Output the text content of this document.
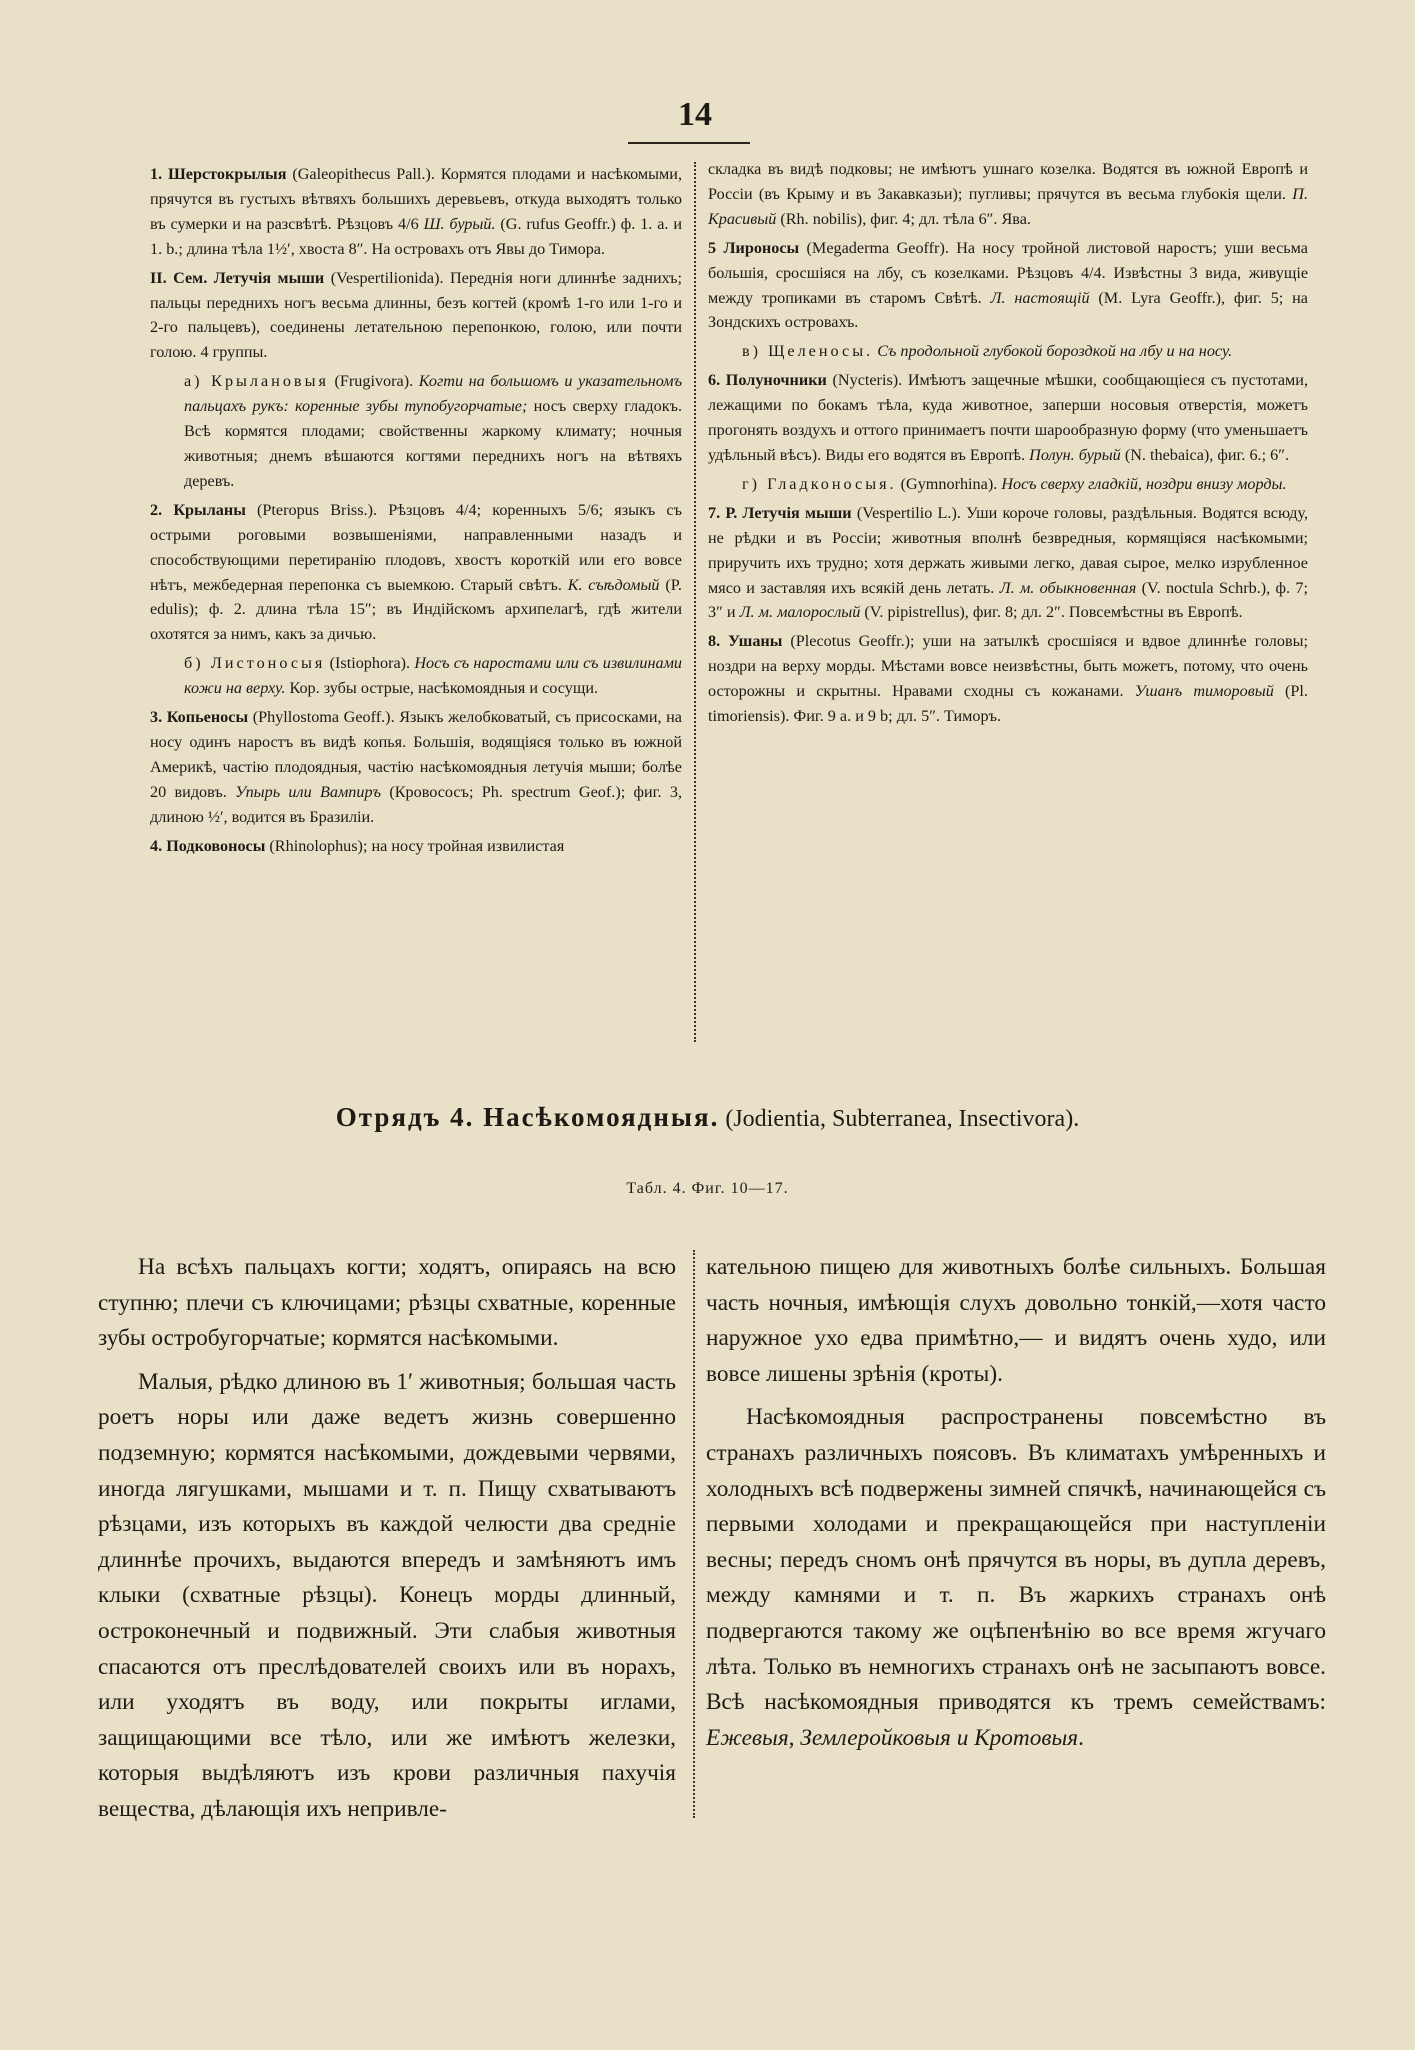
14

1. Шерстокрылыя (Galeopithecus Pall.). Кормятся плодами и насѣкомыми, прячутся въ густыхъ вѣтвяхъ большихъ деревьевъ, откуда выходятъ только въ сумерки и на разсвѣтѣ. Рѣзцовъ 4/6 Ш. бурый. (G. rufus Geoffr.) ф. 1. a. и 1. b.; длина тѣла 1½′, хвоста 8″. На островахъ отъ Явы до Тимора.

II. Сем. Летучія мыши (Vespertilionida). Переднія ноги длиннѣе заднихъ; пальцы переднихъ ногъ весьма длинны, безъ когтей (кромѣ 1-го или 1-го и 2-го пальцевъ), соединены летательною перепонкою, голою, или почти голою. 4 группы.

а) Крылановыя (Frugivora). Когти на большомъ и указательномъ пальцахъ рукъ: коренные зубы тупобугорчатые; носъ сверху гладокъ. Всѣ кормятся плодами; свойственны жаркому климату; ночныя животныя; днемъ вѣшаются когтями переднихъ ногъ на вѣтвяхъ деревъ.

2. Крыланы (Pteropus Briss.). Рѣзцовъ 4/4; коренныхъ 5/6; языкъ съ острыми роговыми возвышеніями, направленными назадъ и способствующими перетиранію плодовъ, хвостъ короткій или его вовсе нѣтъ, межбедерная перепонка съ выемкою. Старый свѣтъ. К. съѣдомый (P. edulis); ф. 2. длина тѣла 15″; въ Индійскомъ архипелагѣ, гдѣ жители охотятся за нимъ, какъ за дичью.

б) Листоносыя (Istiophora). Носъ съ наростами или съ извилинами кожи на верху. Кор. зубы острые, насѣкомоядныя и сосущи.

3. Копьеносы (Phyllostoma Geoff.). Языкъ желобковатый, съ присосками, на носу одинъ наростъ въ видѣ копья. Большія, водящіяся только въ южной Америкѣ, частію плодоядныя, частію насѣкомоядныя летучія мыши; болѣе 20 видовъ. Упырь или Вампиръ (Кровососъ; Ph. spectrum Geof.); фиг. 3, длиною ½′, водится въ Бразиліи.

4. Подковоносы (Rhinolophus); на носу тройная извилистая

складка въ видѣ подковы; не имѣютъ ушнаго козелка. Водятся въ южной Европѣ и Россіи (въ Крыму и въ Закавказьи); пугливы; прячутся въ весьма глубокія щели. П. Красивый (Rh. nobilis), фиг. 4; дл. тѣла 6″. Ява.

5 Лироносы (Megaderma Geoffr). На носу тройной листовой наростъ; уши весьма большія, сросшіяся на лбу, съ козелками. Рѣзцовъ 4/4. Извѣстны 3 вида, живущіе между тропиками въ старомъ Свѣтѣ. Л. настоящій (M. Lyra Geoffr.), фиг. 5; на Зондскихъ островахъ.

в) Щеленосы. Съ продольной глубокой бороздкой на лбу и на носу.

6. Полуночники (Nycteris). Имѣютъ защечные мѣшки, сообщающіеся съ пустотами, лежащими по бокамъ тѣла, куда животное, заперши носовыя отверстія, можетъ прогонять воздухъ и оттого принимаетъ почти шарообразную форму (что уменьшаетъ удѣльный вѣсъ). Виды его водятся въ Европѣ. Полун. бурый (N. thebaica), фиг. 6.; 6″.

г) Гладконосыя. (Gymnorhina). Носъ сверху гладкій, ноздри внизу морды.

7. Р. Летучія мыши (Vespertilio L.). Уши короче головы, раздѣльныя. Водятся всюду, не рѣдки и въ Россіи; животныя вполнѣ безвредныя, кормящіяся насѣкомыми; приручить ихъ трудно; хотя держать живыми легко, давая сырое, мелко изрубленное мясо и заставляя ихъ всякій день летать. Л. м. обыкновенная (V. noctula Schrb.), ф. 7; 3″ и Л. м. малорослый (V. pipistrellus), фиг. 8; дл. 2″. Повсемѣстны въ Европѣ.

8. Ушаны (Plecotus Geoffr.); уши на затылкѣ сросшіяся и вдвое длиннѣе головы; ноздри на верху морды. Мѣстами вовсе неизвѣстны, быть можетъ, потому, что очень осторожны и скрытны. Нравами сходны съ кожанами. Ушанъ тиморовый (Pl. timoriensis). Фиг. 9 a. и 9 b; дл. 5″. Тиморъ.

Отрядъ 4. Насѣкомоядныя. (Jodientia, Subterranea, Insectivora).
Табл. 4. Фиг. 10—17.

На всѣхъ пальцахъ когти; ходятъ, опираясь на всю ступню; плечи съ ключицами; рѣзцы схватные, коренные зубы остробугорчатые; кормятся насѣкомыми.

Малыя, рѣдко длиною въ 1′ животныя; большая часть роетъ норы или даже ведетъ жизнь совершенно подземную; кормятся насѣкомыми, дождевыми червями, иногда лягушками, мышами и т. п. Пищу схватываютъ рѣзцами, изъ которыхъ въ каждой челюсти два средніе длиннѣе прочихъ, выдаются впередъ и замѣняютъ имъ клыки (схватные рѣзцы). Конецъ морды длинный, остроконечный и подвижный. Эти слабыя животныя спасаются отъ преслѣдователей своихъ или въ норахъ, или уходятъ въ воду, или покрыты иглами, защищающими все тѣло, или же имѣютъ железки, которыя выдѣляютъ изъ крови различныя пахучія вещества, дѣлающія ихъ непривле-

кательною пищею для животныхъ болѣе сильныхъ. Большая часть ночныя, имѣющія слухъ довольно тонкій,—хотя часто наружное ухо едва примѣтно,— и видятъ очень худо, или вовсе лишены зрѣнія (кроты).

Насѣкомоядныя распространены повсемѣстно въ странахъ различныхъ поясовъ. Въ климатахъ умѣренныхъ и холодныхъ всѣ подвержены зимней спячкѣ, начинающейся съ первыми холодами и прекращающейся при наступленіи весны; передъ сномъ онѣ прячутся въ норы, въ дупла деревъ, между камнями и т. п. Въ жаркихъ странахъ онѣ подвергаются такому же оцѣпенѣнію во все время жгучаго лѣта. Только въ немногихъ странахъ онѣ не засыпаютъ вовсе. Всѣ насѣкомоядныя приводятся къ тремъ семействамъ: Ежевыя, Землеройковыя и Кротовыя.
